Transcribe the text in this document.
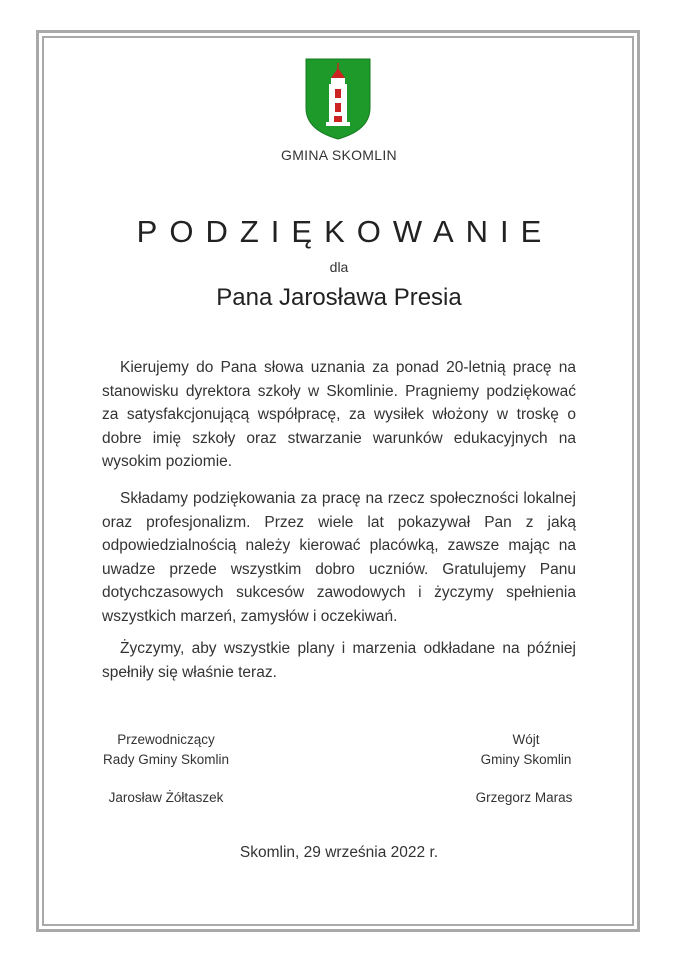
GMINA SKOMLIN
PODZIĘKOWANIE
dla
Pana Jarosława Presia

Kierujemy do Pana słowa uznania za ponad 20-letnią pracę na stanowisku dyrektora szkoły w Skomlinie. Pragniemy podziękować za satysfakcjonującą współpracę, za wysiłek włożony w troskę o dobre imię szkoły oraz stwarzanie warunków edukacyjnych na wysokim poziomie.

Składamy podziękowania za pracę na rzecz społeczności lokalnej oraz profesjonalizm. Przez wiele lat pokazywał Pan z jaką odpowiedzialnością należy kierować placówką, zawsze mając na uwadze przede wszystkim dobro uczniów. Gratulujemy Panu dotychczasowych sukcesów zawodowych i życzymy spełnienia wszystkich marzeń, zamysłów i oczekiwań.

Życzymy, aby wszystkie plany i marzenia odkładane na później spełniły się właśnie teraz.

Przewodniczący
Rady Gminy Skomlin
Wójt
Gminy Skomlin
Jarosław Żółtaszek	Grzegorz Maras
Skomlin, 29 września 2022 r.
